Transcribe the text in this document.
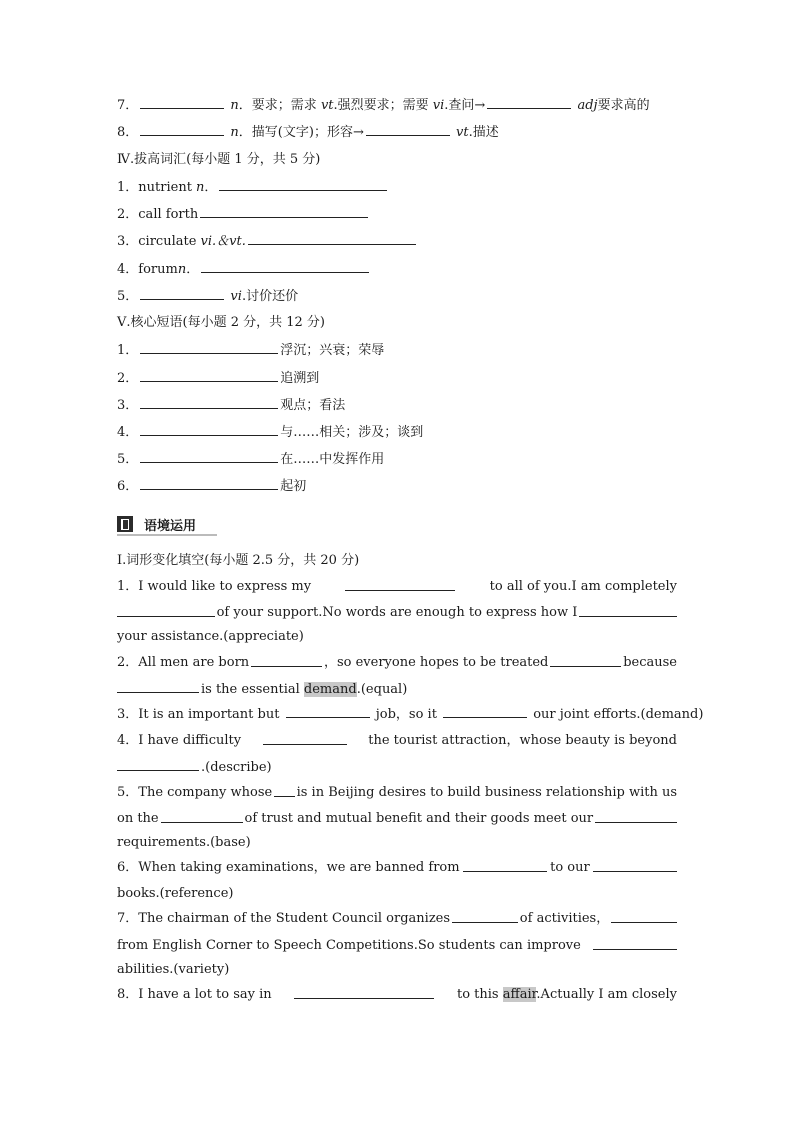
7．	n．要求；需求 vt.强烈要求；需要 vi.查问→	adj要求高的
8．	n．描写(文字)；形容→	vt.描述
Ⅳ.拔高词汇(每小题 1 分，共 5 分)
1．nutrient n．
2．call forth
3．circulate vi.＆vt.
4．forumn．
5．	vi.讨价还价
Ⅴ.核心短语(每小题 2 分，共 12 分)
1．	浮沉；兴衰；荣辱
2．	追溯到
3．	观点；看法
4．	与……相关；涉及；谈到
5．	在……中发挥作用
6．	起初
语境运用
Ⅰ.词形变化填空(每小题 2.5 分，共 20 分)
1．I would like to express my	to all of you.I am completely
of your support.No words are enough to express how I
your assistance.(appreciate)
2．All men are born	，so everyone hopes to be treated	because
is the essential demand.(equal)
3．It is an important but	job，so it	our joint efforts.(demand)
4．I have difficulty	the tourist attraction，whose beauty is beyond
.(describe)
5．The company whose is in Beijing desires to build business relationship with us
on the	of trust and mutual benefit and their goods meet our
requirements.(base)
6．When taking examinations，we are banned from	to our
books.(reference)
7．The chairman of the Student Council organizes	of activities，
from English Corner to Speech Competitions.So students can improve
abilities.(variety)
8．I have a lot to say in	to this affair.Actually I am closely
